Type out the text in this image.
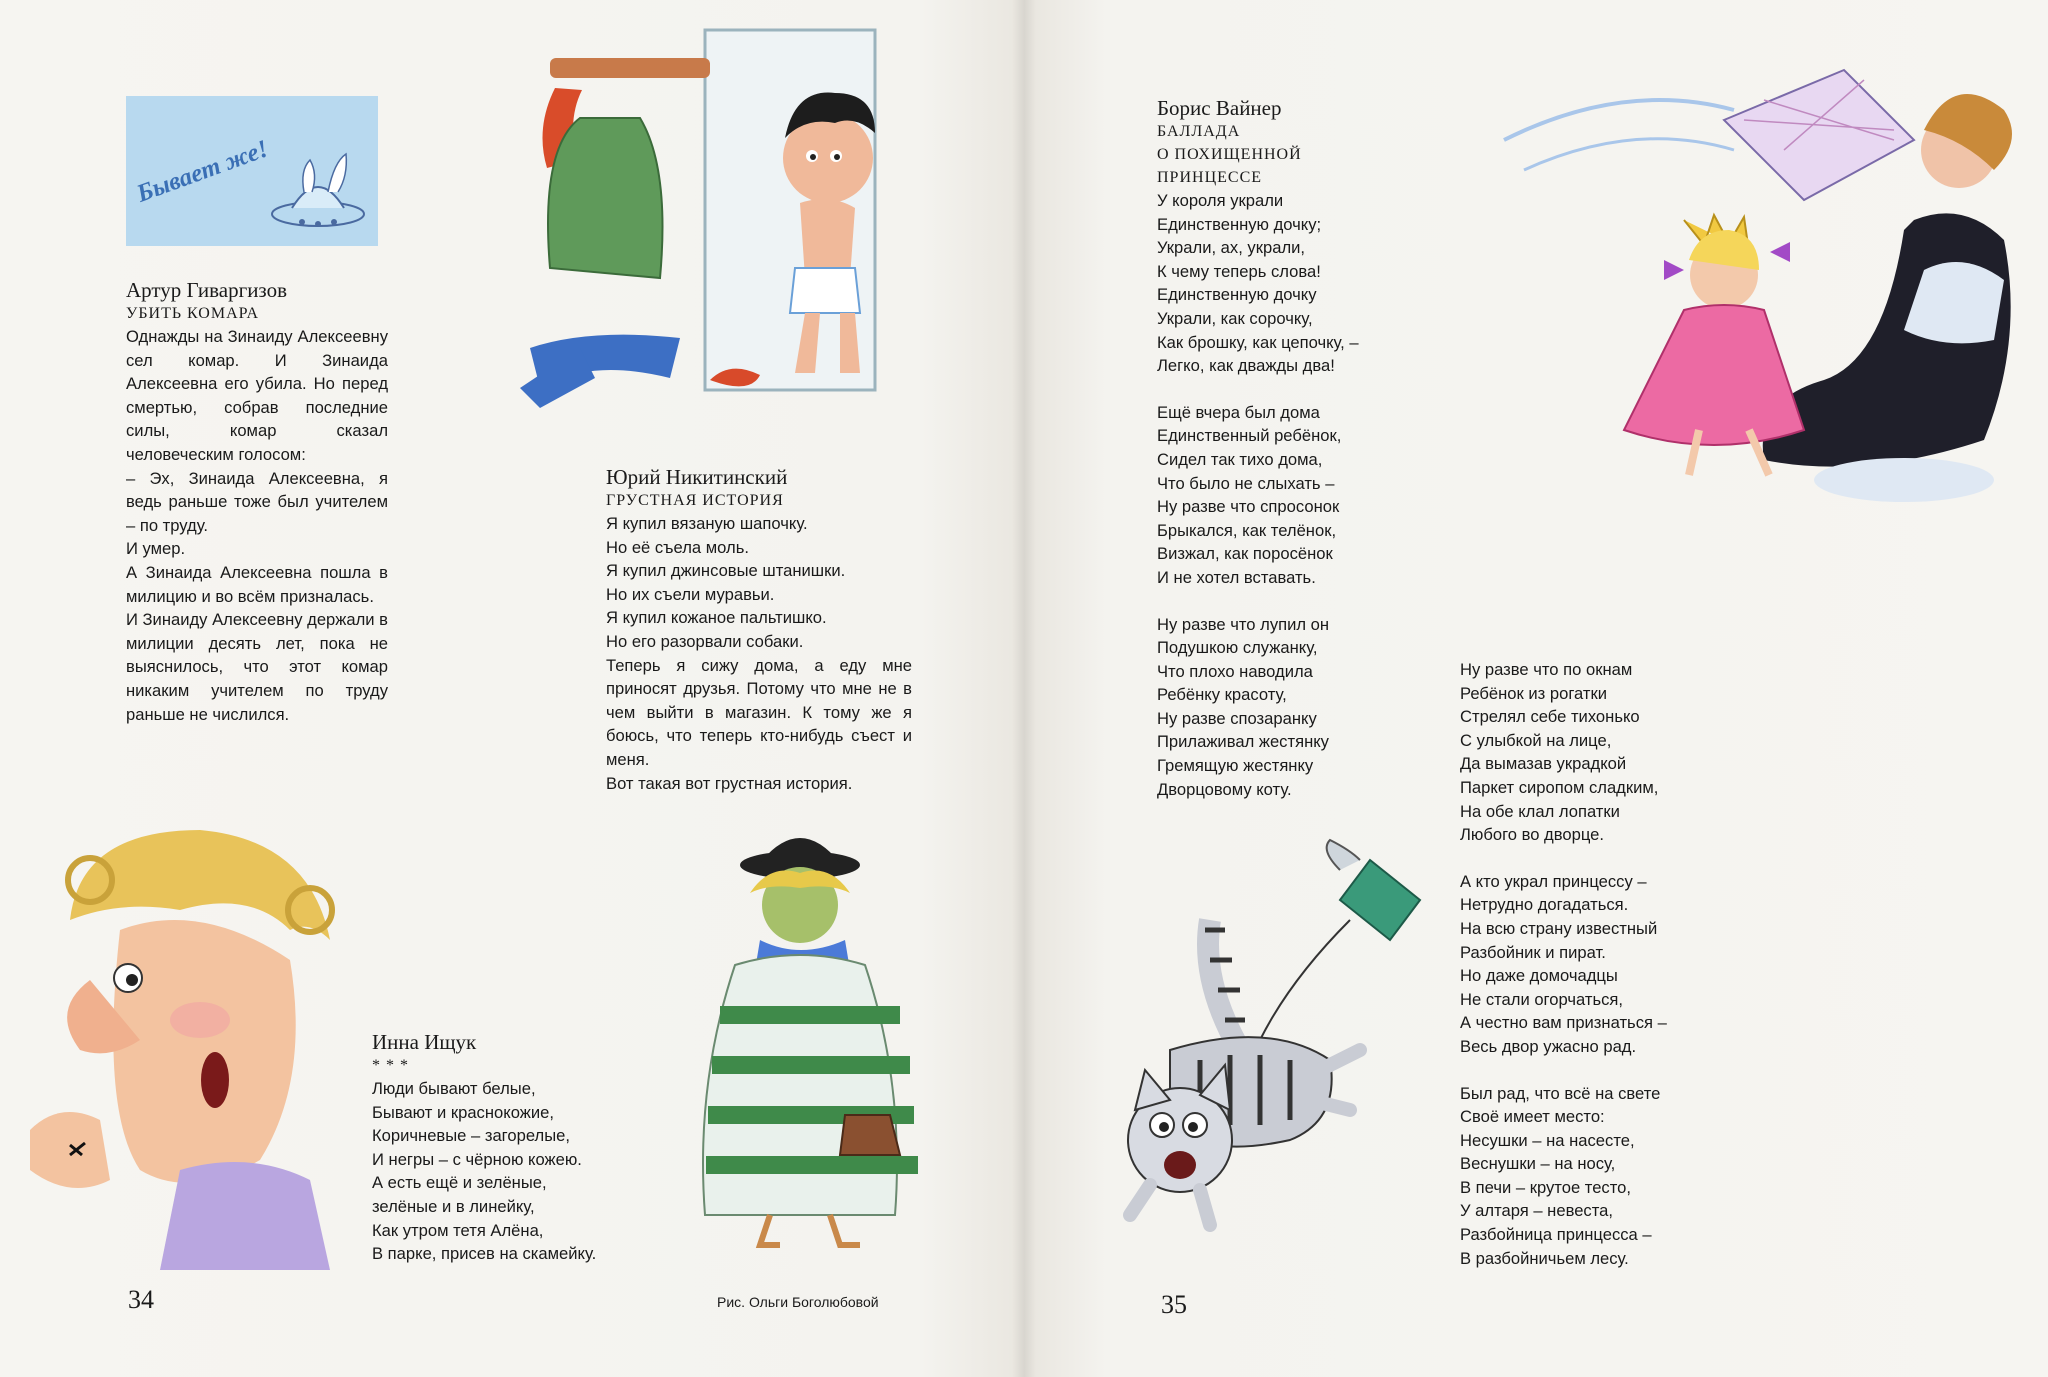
Бывает же!
Артур Гиваргизов
УБИТЬ КОМАРА

Однажды на Зинаиду Алексеевну сел комар. И Зинаида Алексеевна его убила. Но перед смертью, собрав последние силы, комар сказал человеческим голосом:

– Эх, Зинаида Алексеевна, я ведь раньше тоже был учителем – по труду.

И умер.

А Зинаида Алексеевна пошла в милицию и во всём призналась.

И Зинаиду Алексеевну держали в милиции десять лет, пока не выяснилось, что этот комар никаким учителем по труду раньше не числился.

Юрий Никитинский
ГРУСТНАЯ ИСТОРИЯ

Я купил вязаную шапочку.

Но её съела моль.

Я купил джинсовые штанишки.

Но их съели муравьи.

Я купил кожаное пальтишко.

Но его разорвали собаки.

Теперь я сижу дома, а еду мне приносят друзья. Потому что мне не в чем выйти в магазин. К тому же я боюсь, что теперь кто-нибудь съест и меня.

Вот такая вот грустная история.

Инна Ищук
* * *
Люди бывают белые,
Бывают и краснокожие,
Коричневые – загорелые,
И негры – с чёрною кожею.
А есть ещё и зелёные,
зелёные и в линейку,
Как утром тетя Алёна,
В парке, присев на скамейку.
34	Рис. Ольги Боголюбовой
Борис Вайнер
БАЛЛАДА
О ПОХИЩЕННОЙ
ПРИНЦЕССЕ
У короля украли
Единственную дочку;
Украли, ах, украли,
К чему теперь слова!
Единственную дочку
Украли, как сорочку,
Как брошку, как цепочку, –
Легко, как дважды два!
Ещё вчера был дома
Единственный ребёнок,
Сидел так тихо дома,
Что было не слыхать –
Ну разве что спросонок
Брыкался, как телёнок,
Визжал, как поросёнок
И не хотел вставать.
Ну разве что лупил он
Подушкою служанку,
Что плохо наводила
Ребёнку красоту,
Ну разве спозаранку
Прилаживал жестянку
Гремящую жестянку
Дворцовому коту.
Ну разве что по окнам
Ребёнок из рогатки
Стрелял себе тихонько
С улыбкой на лице,
Да вымазав украдкой
Паркет сиропом сладким,
На обе клал лопатки
Любого во дворце.
А кто украл принцессу –
Нетрудно догадаться.
На всю страну известный
Разбойник и пират.
Но даже домочадцы
Не стали огорчаться,
А честно вам признаться –
Весь двор ужасно рад.
Был рад, что всё на свете
Своё имеет место:
Несушки – на насесте,
Веснушки – на носу,
В печи – крутое тесто,
У алтаря – невеста,
Разбойница принцесса –
В разбойничьем лесу.
35
